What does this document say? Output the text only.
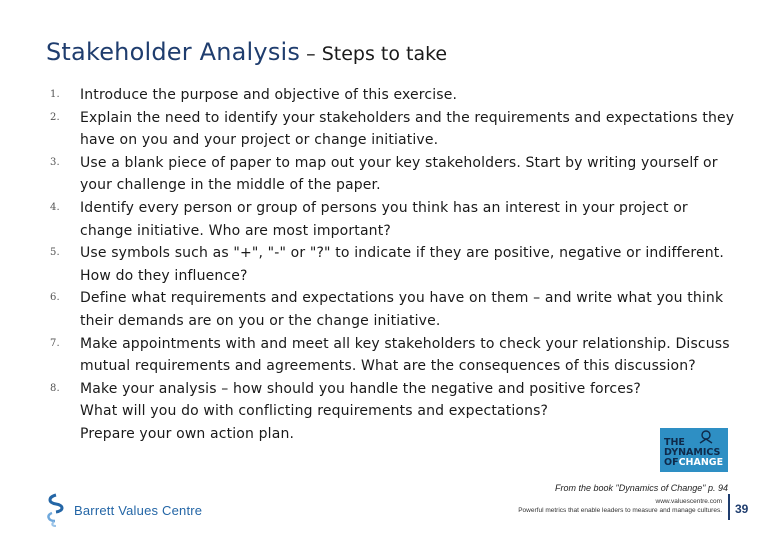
Stakeholder Analysis – Steps to take
1. Introduce the purpose and objective of this exercise.
2. Explain the need to identify your stakeholders and the requirements and expectations they
have on you and your project or change initiative.
3. Use a blank piece of paper to map out your key stakeholders. Start by writing yourself or
your challenge in the middle of the paper.
4. Identify every person or group of persons you think has an interest in your project or
change initiative. Who are most important?
5. Use symbols such as "+", "-" or "?" to indicate if they are positive, negative or indifferent.
How do they influence?
6. Define what requirements and expectations you have on them – and write what you think
their demands are on you or the change initiative.
7. Make appointments with and meet all key stakeholders to check your relationship. Discuss
mutual requirements and agreements. What are the consequences of this discussion?
8. Make your analysis – how should you handle the negative and positive forces?
What will you do with conflicting requirements and expectations?
Prepare your own action plan.
THE
DYNAMICS
OFCHANGE
From the book "Dynamics of Change" p. 94
Barrett Values Centre
www.valuescentre.com
Powerful metrics that enable leaders to measure and manage cultures. 39
